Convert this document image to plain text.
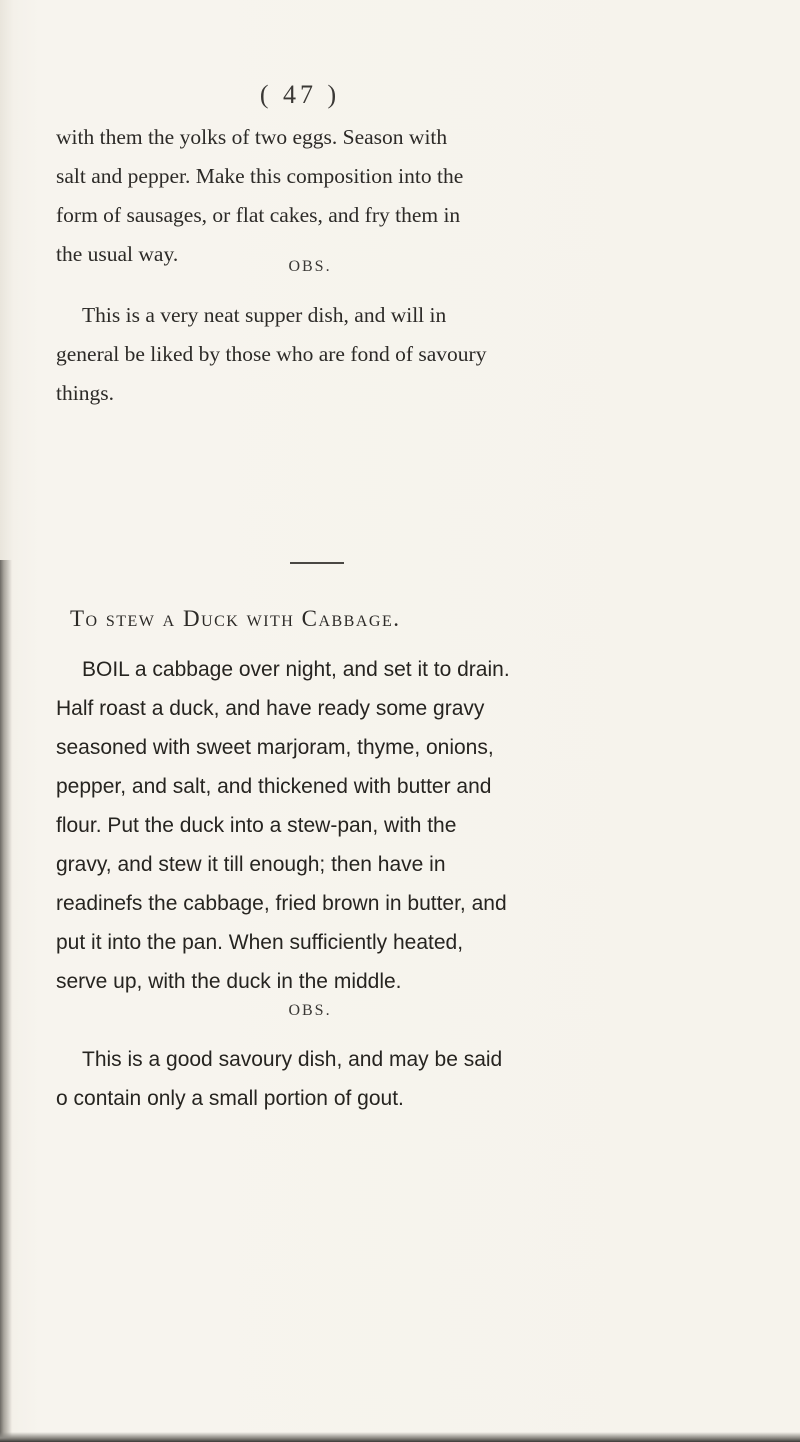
( 47 )
with them the yolks of two eggs. Season with
salt and pepper. Make this composition into the
form of sausages, or flat cakes, and fry them in
the usual way.
OBS.
This is a very neat supper dish, and will in
general be liked by those who are fond of savoury
things.
To stew a Duck with Cabbage.
BOIL a cabbage over night, and set it to drain.
Half roast a duck, and have ready some gravy
seasoned with sweet marjoram, thyme, onions,
pepper, and salt, and thickened with butter and
flour. Put the duck into a stew-pan, with the
gravy, and stew it till enough; then have in
readinefs the cabbage, fried brown in butter, and
put it into the pan. When sufficiently heated,
serve up, with the duck in the middle.
OBS.
This is a good savoury dish, and may be said
o contain only a small portion of gout.
